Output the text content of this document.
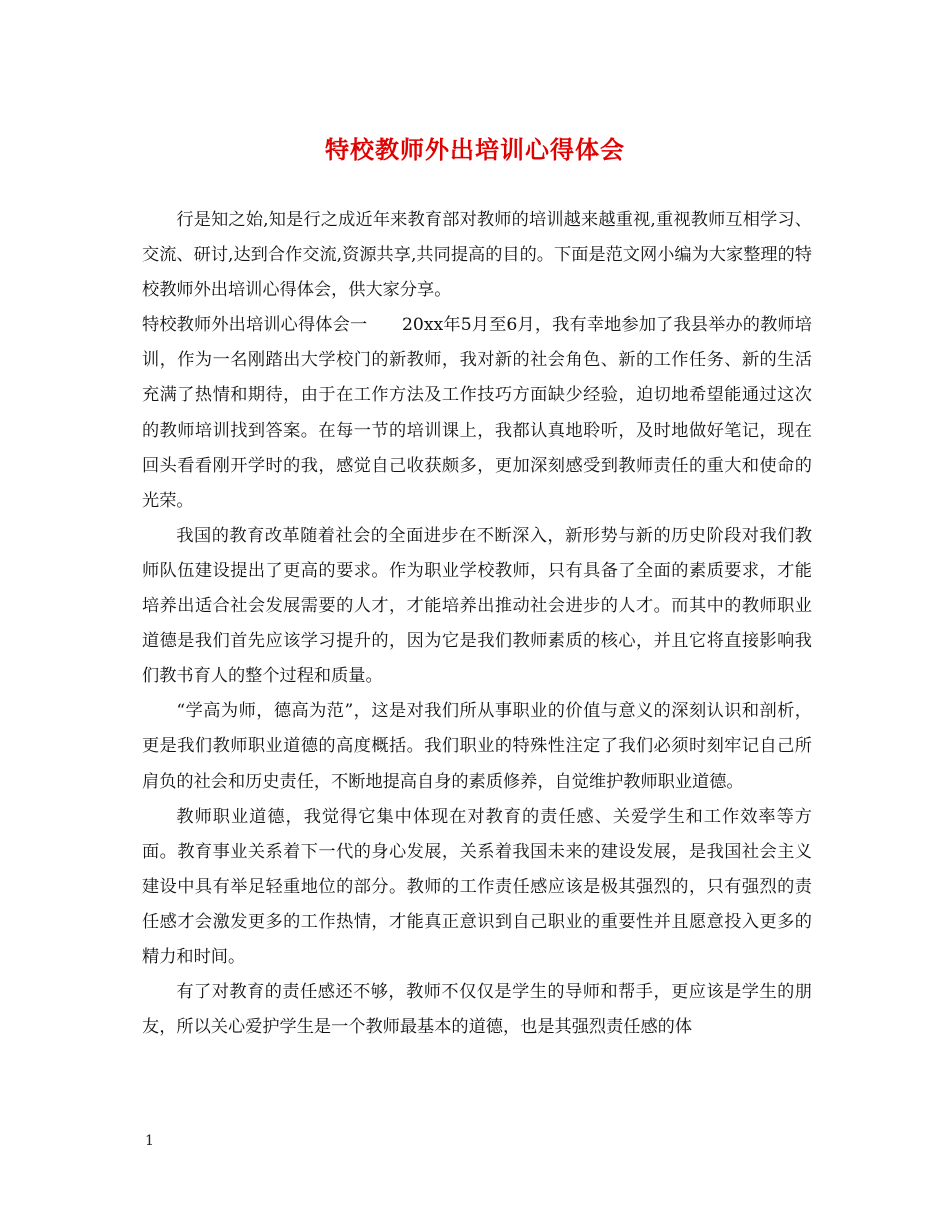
特校教师外出培训心得体会

行是知之始,知是行之成近年来教育部对教师的培训越来越重视,重视教师互相学习、交流、研讨,达到合作交流,资源共享,共同提高的目的。下面是范文网小编为大家整理的特校教师外出培训心得体会，供大家分享。

特校教师外出培训心得体会一　　20xx年5月至6月，我有幸地参加了我县举办的教师培训，作为一名刚踏出大学校门的新教师，我对新的社会角色、新的工作任务、新的生活充满了热情和期待，由于在工作方法及工作技巧方面缺少经验，迫切地希望能通过这次的教师培训找到答案。在每一节的培训课上，我都认真地聆听，及时地做好笔记，现在回头看看刚开学时的我，感觉自己收获颇多，更加深刻感受到教师责任的重大和使命的光荣。

我国的教育改革随着社会的全面进步在不断深入，新形势与新的历史阶段对我们教师队伍建设提出了更高的要求。作为职业学校教师，只有具备了全面的素质要求，才能培养出适合社会发展需要的人才，才能培养出推动社会进步的人才。而其中的教师职业道德是我们首先应该学习提升的，因为它是我们教师素质的核心，并且它将直接影响我们教书育人的整个过程和质量。

“学高为师，德高为范”，这是对我们所从事职业的价值与意义的深刻认识和剖析，更是我们教师职业道德的高度概括。我们职业的特殊性注定了我们必须时刻牢记自己所肩负的社会和历史责任，不断地提高自身的素质修养，自觉维护教师职业道德。

教师职业道德，我觉得它集中体现在对教育的责任感、关爱学生和工作效率等方面。教育事业关系着下一代的身心发展，关系着我国未来的建设发展，是我国社会主义建设中具有举足轻重地位的部分。教师的工作责任感应该是极其强烈的，只有强烈的责任感才会激发更多的工作热情，才能真正意识到自己职业的重要性并且愿意投入更多的精力和时间。

有了对教育的责任感还不够，教师不仅仅是学生的导师和帮手，更应该是学生的朋友，所以关心爱护学生是一个教师最基本的道德，也是其强烈责任感的体

1
